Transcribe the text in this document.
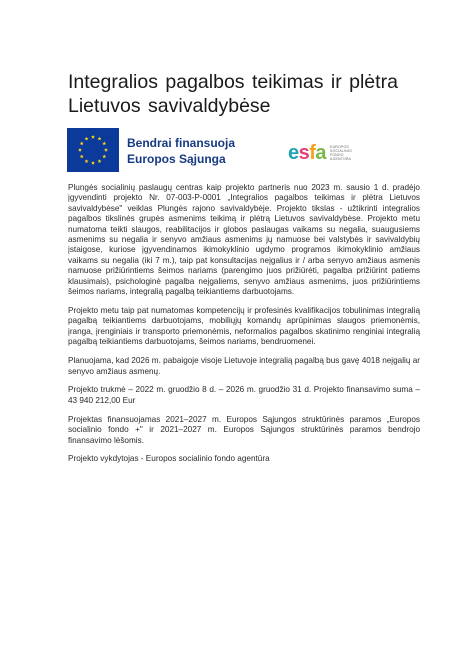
Integralios pagalbos teikimas ir plėtra
Lietuvos savivaldybėse
Bendrai finansuoja
Europos Sąjunga	esfa EUROPOS SOCIALINIO FONDO AGENTŪRA

Plungės socialinių paslaugų centras kaip projekto partneris nuo 2023 m. sausio 1 d. pradėjo įgyvendinti projekto Nr. 07-003-P-0001 „Integralios pagalbos teikimas ir plėtra Lietuvos savivaldybėse" veiklas Plungės rajono savivaldybėje. Projekto tikslas - užtikrinti integralios pagalbos tikslinės grupės asmenims teikimą ir plėtrą Lietuvos savivaldybėse. Projekto metu numatoma teikti slaugos, reabilitacijos ir globos paslaugas vaikams su negalia, suaugusiems asmenims su negalia ir senyvo amžiaus asmenims jų namuose bei valstybės ir savivaldybių įstaigose, kuriose įgyvendinamos ikimokyklinio ugdymo programos ikimokyklinio amžiaus vaikams su negalia (iki 7 m.), taip pat konsultacijas neįgalius ir / arba senyvo amžiaus asmenis namuose prižiūrintiems šeimos nariams (parengimo juos prižiūrėti, pagalba prižiūrint patiems klausimais), psichologinė pagalba neįgaliems, senyvo amžiaus asmenims, juos prižiūrintiems šeimos nariams, integralią pagalbą teikiantiems darbuotojams.

Projekto metu taip pat numatomas kompetencijų ir profesinės kvalifikacijos tobulinimas integralią pagalbą teikiantiems darbuotojams, mobiliųjų komandų aprūpinimas slaugos priemonėmis, įranga, įrenginiais ir transporto priemonėmis, neformalios pagalbos skatinimo renginiai integralią pagalbą teikiantiems darbuotojams, šeimos nariams, bendruomenei.

Planuojama, kad 2026 m. pabaigoje visoje Lietuvoje integralią pagalbą bus gavę 4018 neįgalių ar senyvo amžiaus asmenų.

Projekto trukmė – 2022 m. gruodžio 8 d. – 2026 m. gruodžio 31 d. Projekto finansavimo suma – 43 940 212,00 Eur

Projektas finansuojamas 2021–2027 m. Europos Sąjungos struktūrinės paramos „Europos socialinio fondo +" ir 2021–2027 m. Europos Sąjungos struktūrinės paramos bendrojo finansavimo lėšomis.

Projekto vykdytojas - Europos socialinio fondo agentūra
